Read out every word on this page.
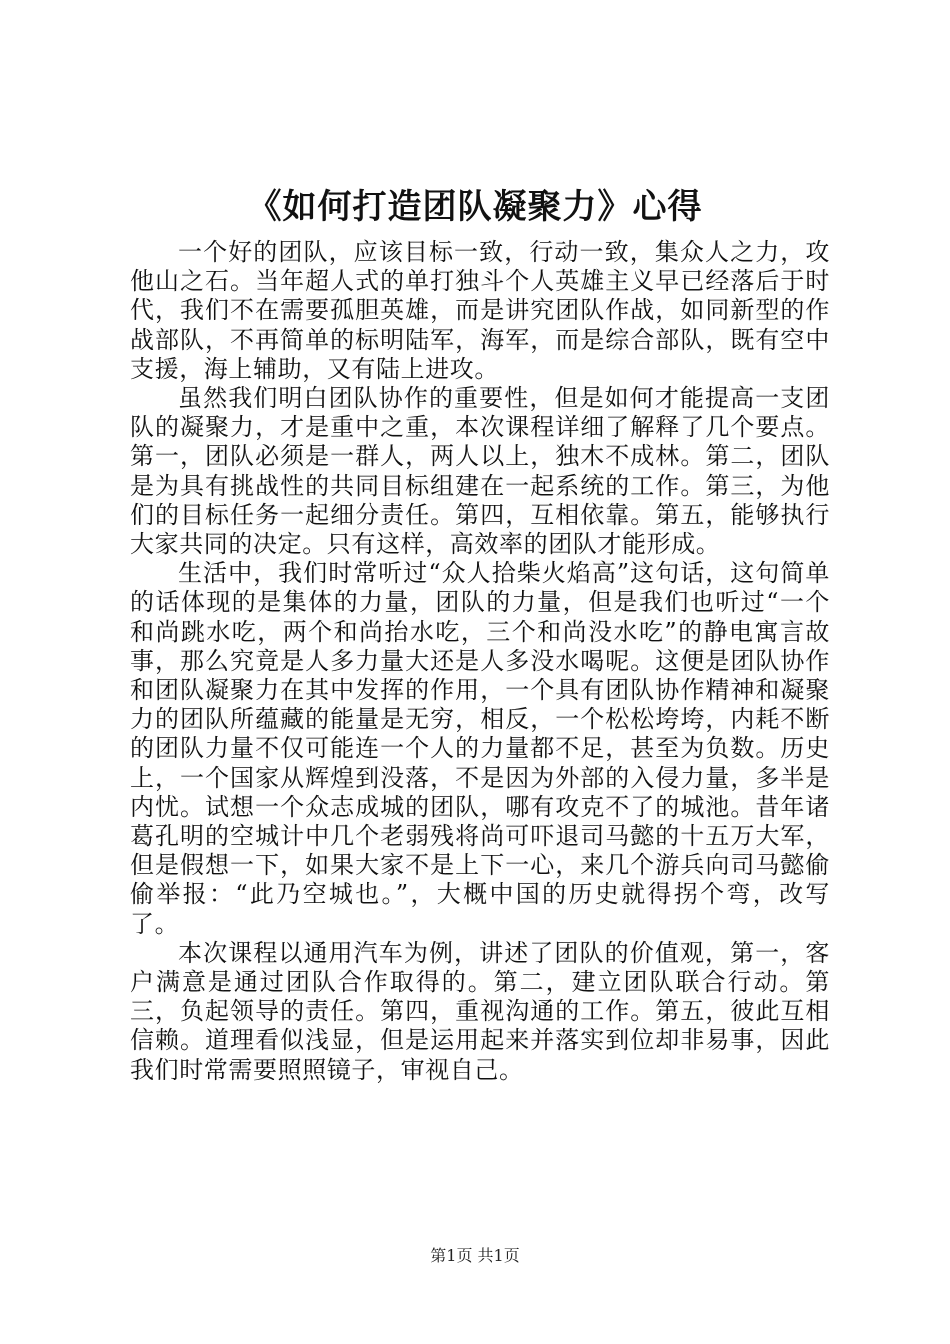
《如何打造团队凝聚力》心得

一个好的团队，应该目标一致，行动一致，集众人之力，攻他山之石。当年超人式的单打独斗个人英雄主义早已经落后于时代，我们不在需要孤胆英雄，而是讲究团队作战，如同新型的作战部队，不再简单的标明陆军，海军，而是综合部队，既有空中支援，海上辅助，又有陆上进攻。

虽然我们明白团队协作的重要性，但是如何才能提高一支团队的凝聚力，才是重中之重，本次课程详细了解释了几个要点。第一，团队必须是一群人，两人以上，独木不成林。第二，团队是为具有挑战性的共同目标组建在一起系统的工作。第三，为他们的目标任务一起细分责任。第四，互相依靠。第五，能够执行大家共同的决定。只有这样，高效率的团队才能形成。

生活中，我们时常听过“众人拾柴火焰高”这句话，这句简单的话体现的是集体的力量，团队的力量，但是我们也听过“一个和尚跳水吃，两个和尚抬水吃，三个和尚没水吃”的静电寓言故事，那么究竟是人多力量大还是人多没水喝呢。这便是团队协作和团队凝聚力在其中发挥的作用，一个具有团队协作精神和凝聚力的团队所蕴藏的能量是无穷，相反，一个松松垮垮，内耗不断的团队力量不仅可能连一个人的力量都不足，甚至为负数。历史上，一个国家从辉煌到没落，不是因为外部的入侵力量，多半是内忧。试想一个众志成城的团队，哪有攻克不了的城池。昔年诸葛孔明的空城计中几个老弱残将尚可吓退司马懿的十五万大军，但是假想一下，如果大家不是上下一心，来几个游兵向司马懿偷偷举报：“此乃空城也。”，大概中国的历史就得拐个弯，改写了。

本次课程以通用汽车为例，讲述了团队的价值观，第一，客户满意是通过团队合作取得的。第二，建立团队联合行动。第三，负起领导的责任。第四，重视沟通的工作。第五，彼此互相信赖。道理看似浅显，但是运用起来并落实到位却非易事，因此我们时常需要照照镜子，审视自己。

第1页 共1页
